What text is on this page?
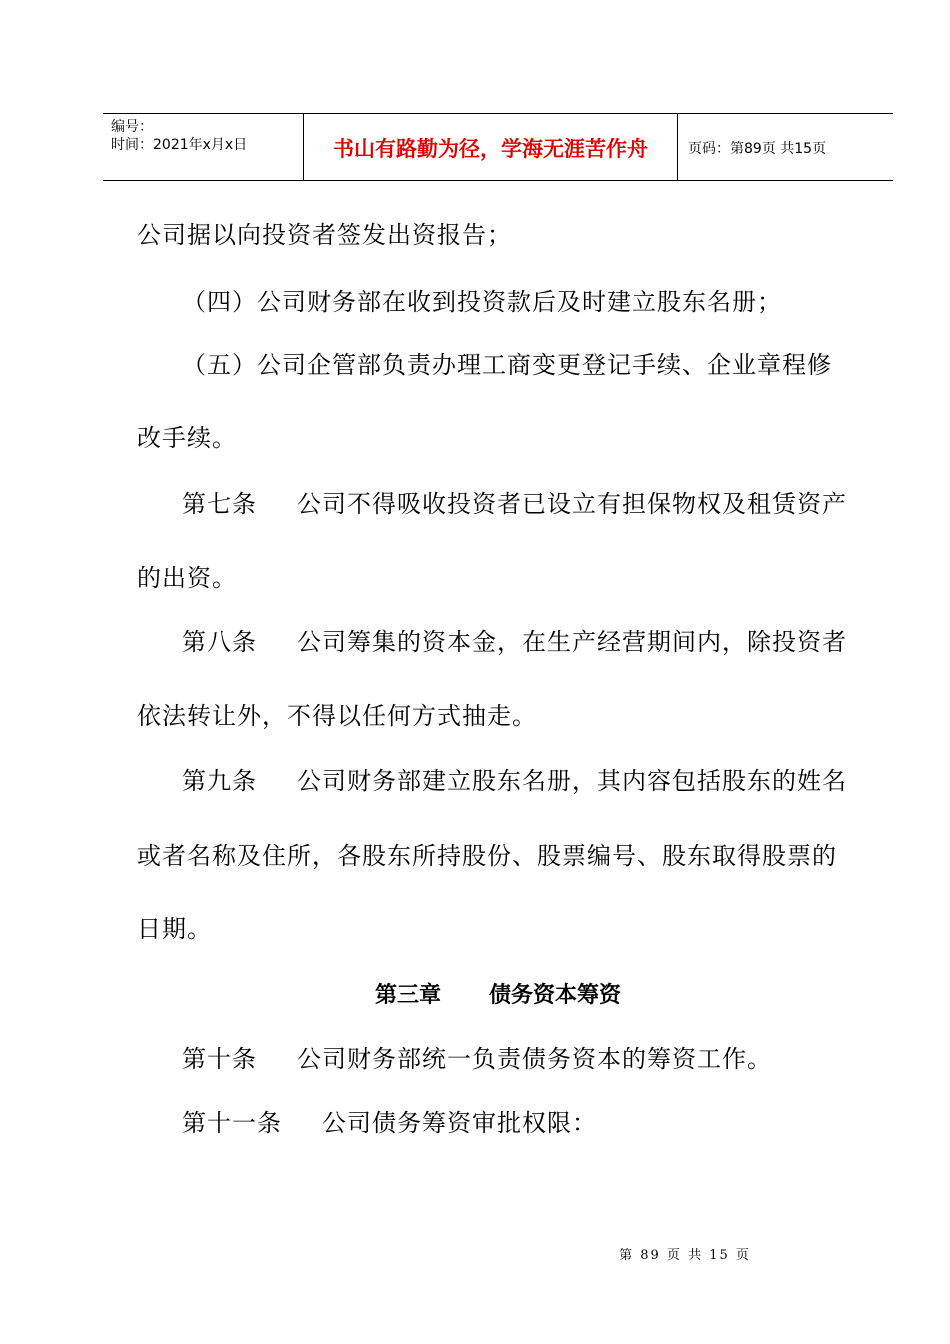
编号：
时间：2021年x月x日	书山有路勤为径，学海无涯苦作舟	页码：第89页 共15页
公司据以向投资者签发出资报告；
（四）公司财务部在收到投资款后及时建立股东名册；
（五）公司企管部负责办理工商变更登记手续、企业章程修
改手续。
第七条 公司不得吸收投资者已设立有担保物权及租赁资产
的出资。
第八条 公司筹集的资本金，在生产经营期间内，除投资者
依法转让外，不得以任何方式抽走。
第九条 公司财务部建立股东名册，其内容包括股东的姓名
或者名称及住所，各股东所持股份、股票编号、股东取得股票的
日期。
第三章 债务资本筹资
第十条 公司财务部统一负责债务资本的筹资工作。
第十一条 公司债务筹资审批权限：
第 89 页 共 15 页
